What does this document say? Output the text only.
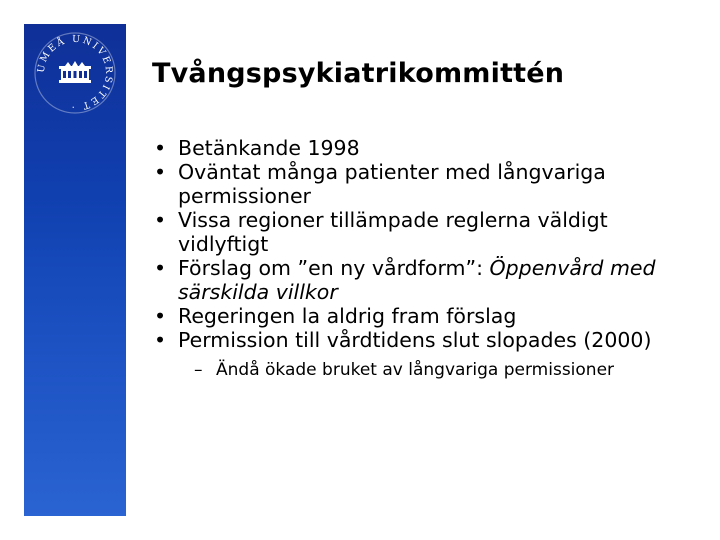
UMEÅ UNIVERSITET ·
Tvångspsykiatrikommittén
• Betänkande 1998
• Oväntat många patienter med långvariga permissioner
• Vissa regioner tillämpade reglerna väldigt vidlyftigt
• Förslag om ”en ny vårdform”: Öppenvård med särskilda villkor
• Regeringen la aldrig fram förslag
• Permission till vårdtidens slut slopades (2000)
– Ändå ökade bruket av långvariga permissioner
